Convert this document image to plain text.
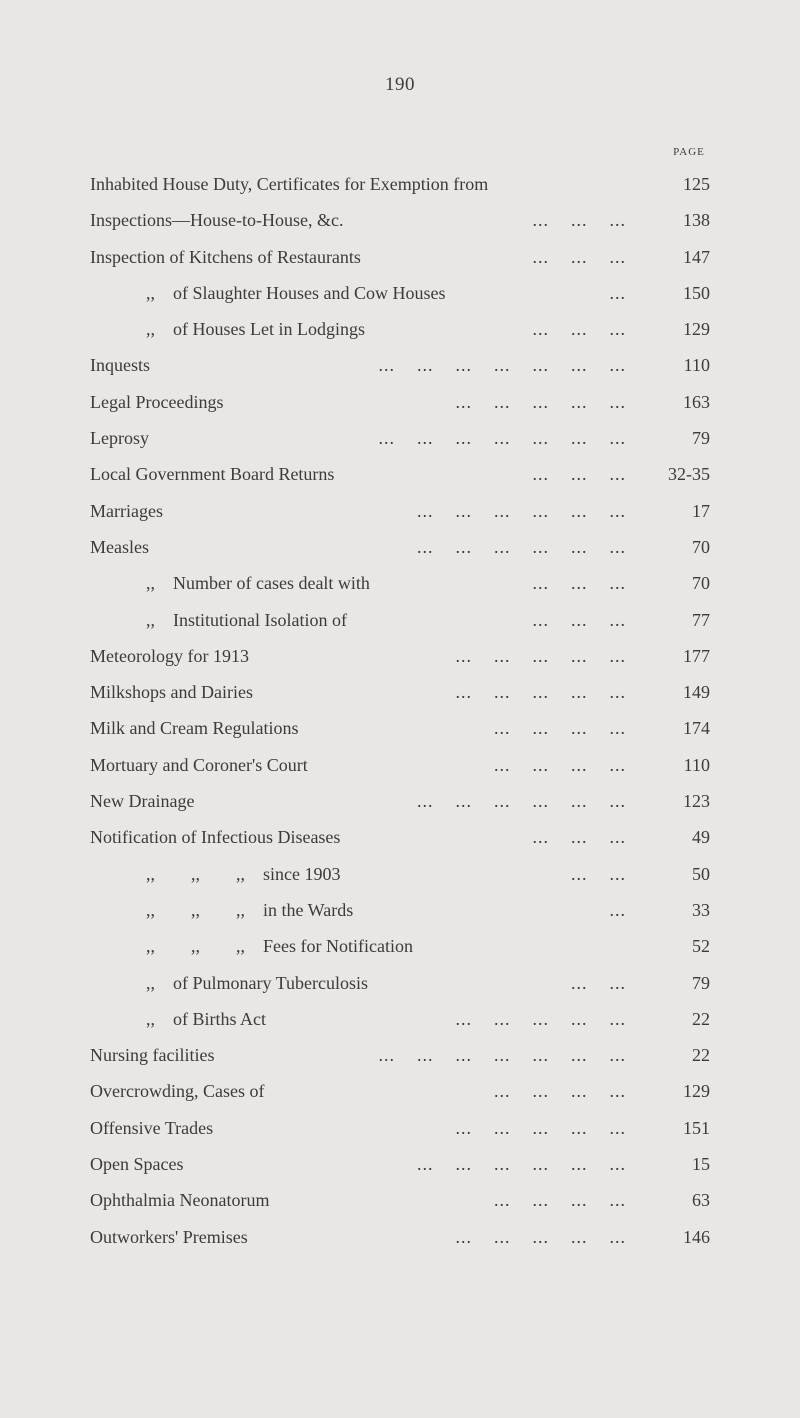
190
PAGE
Inhabited House Duty, Certificates for Exemption from	125
Inspections—House-to-House, &c.	...    ...    ...	138
Inspection of Kitchens of Restaurants	...    ...    ...	147
,,    of Slaughter Houses and Cow Houses	...	150
,,    of Houses Let in Lodgings	...    ...    ...	129
Inquests	...    ...    ...    ...    ...    ...    ...	110
Legal Proceedings	...    ...    ...    ...    ...	163
Leprosy	...    ...    ...    ...    ...    ...    ...	79
Local Government Board Returns	...    ...    ...	32-35
Marriages	...    ...    ...    ...    ...    ...	17
Measles	...    ...    ...    ...    ...    ...	70
,,    Number of cases dealt with	...    ...    ...	70
,,    Institutional Isolation of	...    ...    ...	77
Meteorology for 1913	...    ...    ...    ...    ...	177
Milkshops and Dairies	...    ...    ...    ...    ...	149
Milk and Cream Regulations	...    ...    ...    ...	174
Mortuary and Coroner's Court	...    ...    ...    ...	110
New Drainage	...    ...    ...    ...    ...    ...	123
Notification of Infectious Diseases	...    ...    ...	49
,,        ,,        ,,    since 1903	...    ...	50
,,        ,,        ,,    in the Wards	...	33
,,        ,,        ,,    Fees for Notification	52
,,    of Pulmonary Tuberculosis	...    ...	79
,,    of Births Act	...    ...    ...    ...    ...	22
Nursing facilities	...    ...    ...    ...    ...    ...    ...	22
Overcrowding, Cases of	...    ...    ...    ...	129
Offensive Trades	...    ...    ...    ...    ...	151
Open Spaces	...    ...    ...    ...    ...    ...	15
Ophthalmia Neonatorum	...    ...    ...    ...	63
Outworkers' Premises	...    ...    ...    ...    ...	146
